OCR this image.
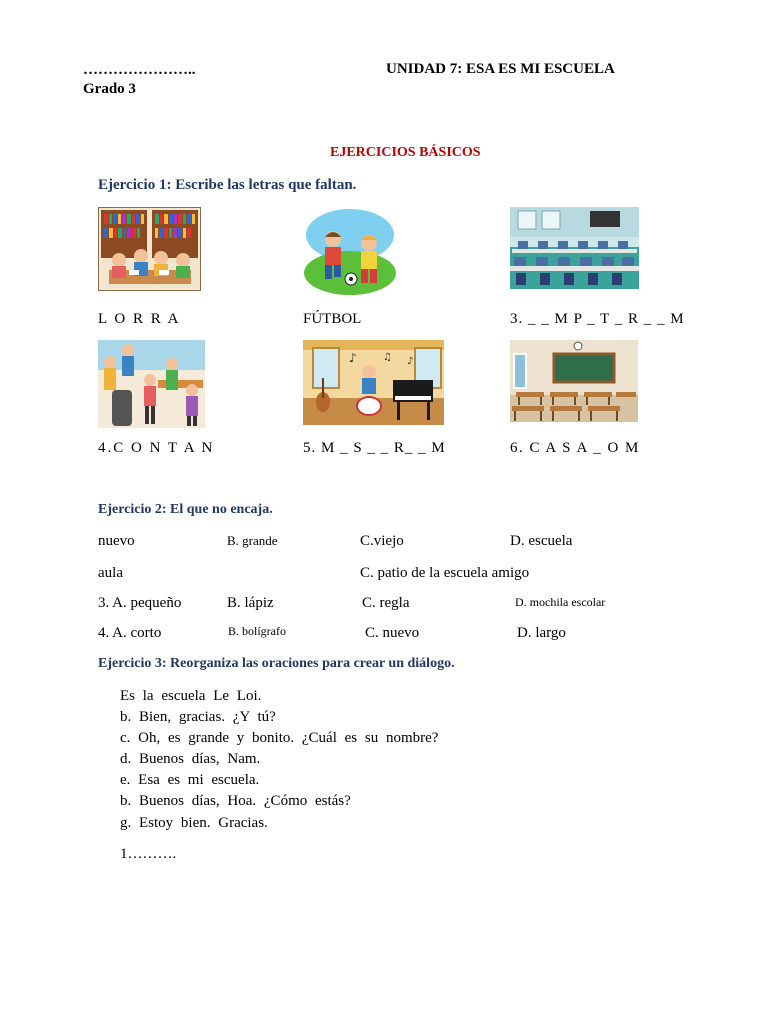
…………………..
Grado 3
UNIDAD 7: ESA ES MI ESCUELA
EJERCICIOS BÁSICOS
Ejercicio 1: Escribe las letras que faltan.
L O R R A	FÚTBOL	3. _ _ M P _ T _ R _ _ M
♪	♫ ♪
4.C O N T A N	5. M _ S _ _ R_ _ M	6. C A S A _ O M
Ejercicio 2: El que no encaja.
nuevo	B. grande	C.viejo	D. escuela
aula	C. patio de la escuela amigo
3. A. pequeño	B. lápiz	C. regla	D. mochila escolar
4. A. corto	B. bolígrafo	C. nuevo	D. largo
Ejercicio 3: Reorganiza las oraciones para crear un diálogo.
Es la escuela Le Loi.
b. Bien, gracias. ¿Y tú?
c. Oh, es grande y bonito. ¿Cuál es su nombre?
d. Buenos días, Nam.
e. Esa es mi escuela.
b. Buenos días, Hoa. ¿Cómo estás?
g. Estoy bien. Gracias.
1……….
